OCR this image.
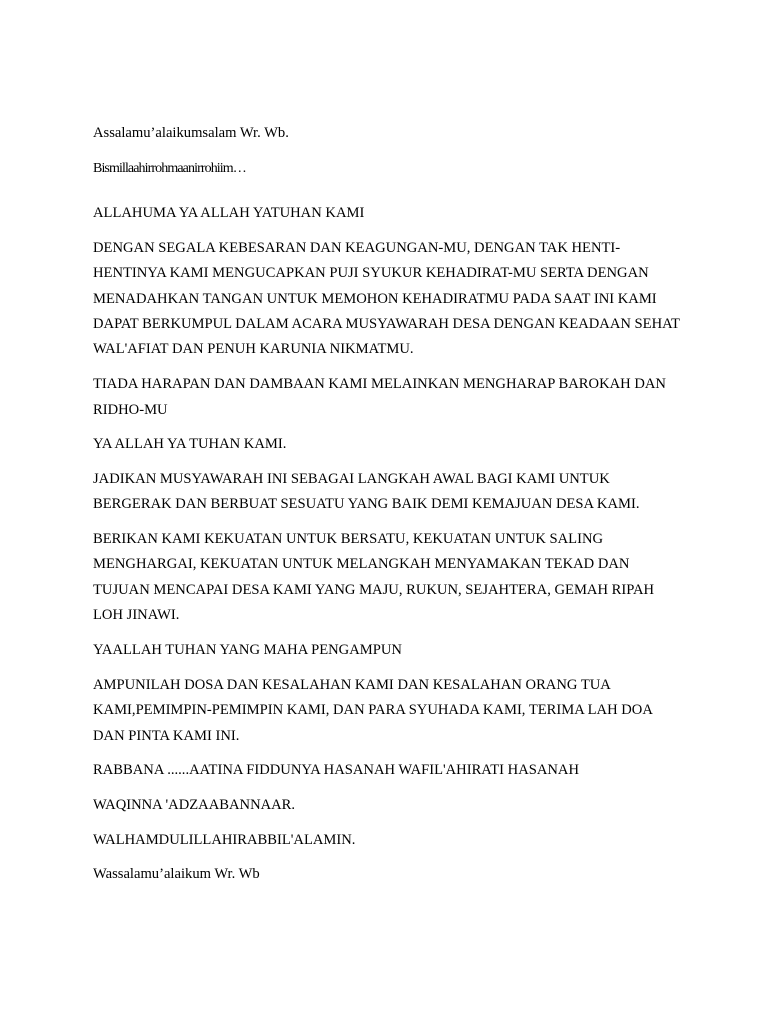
Assalamu’alaikumsalam Wr. Wb.

Bismillaahirrohmaanirrohiim…

ALLAHUMA YA ALLAH YATUHAN KAMI

DENGAN SEGALA KEBESARAN DAN KEAGUNGAN-MU, DENGAN TAK HENTI-HENTINYA KAMI MENGUCAPKAN PUJI SYUKUR KEHADIRAT-MU SERTA DENGAN MENADAHKAN TANGAN UNTUK MEMOHON KEHADIRATMU PADA SAAT INI KAMI DAPAT BERKUMPUL DALAM ACARA MUSYAWARAH DESA DENGAN KEADAAN SEHAT WAL'AFIAT DAN PENUH KARUNIA NIKMATMU.

TIADA HARAPAN DAN DAMBAAN KAMI MELAINKAN MENGHARAP BAROKAH DAN RIDHO-MU

YA ALLAH YA TUHAN KAMI.

JADIKAN MUSYAWARAH INI SEBAGAI LANGKAH AWAL BAGI KAMI UNTUK BERGERAK DAN BERBUAT SESUATU YANG BAIK DEMI KEMAJUAN DESA KAMI.

BERIKAN KAMI KEKUATAN UNTUK BERSATU, KEKUATAN UNTUK SALING MENGHARGAI, KEKUATAN UNTUK MELANGKAH MENYAMAKAN TEKAD DAN TUJUAN MENCAPAI DESA KAMI YANG MAJU, RUKUN, SEJAHTERA, GEMAH RIPAH LOH JINAWI.

YAALLAH TUHAN YANG MAHA PENGAMPUN

AMPUNILAH DOSA DAN KESALAHAN KAMI DAN KESALAHAN ORANG TUA KAMI,PEMIMPIN-PEMIMPIN KAMI, DAN PARA SYUHADA KAMI, TERIMA LAH DOA DAN PINTA KAMI INI.

RABBANA ......AATINA FIDDUNYA HASANAH WAFIL'AHIRATI HASANAH

WAQINNA 'ADZAABANNAAR.

WALHAMDULILLAHIRABBIL'ALAMIN.

Wassalamu’alaikum Wr. Wb
